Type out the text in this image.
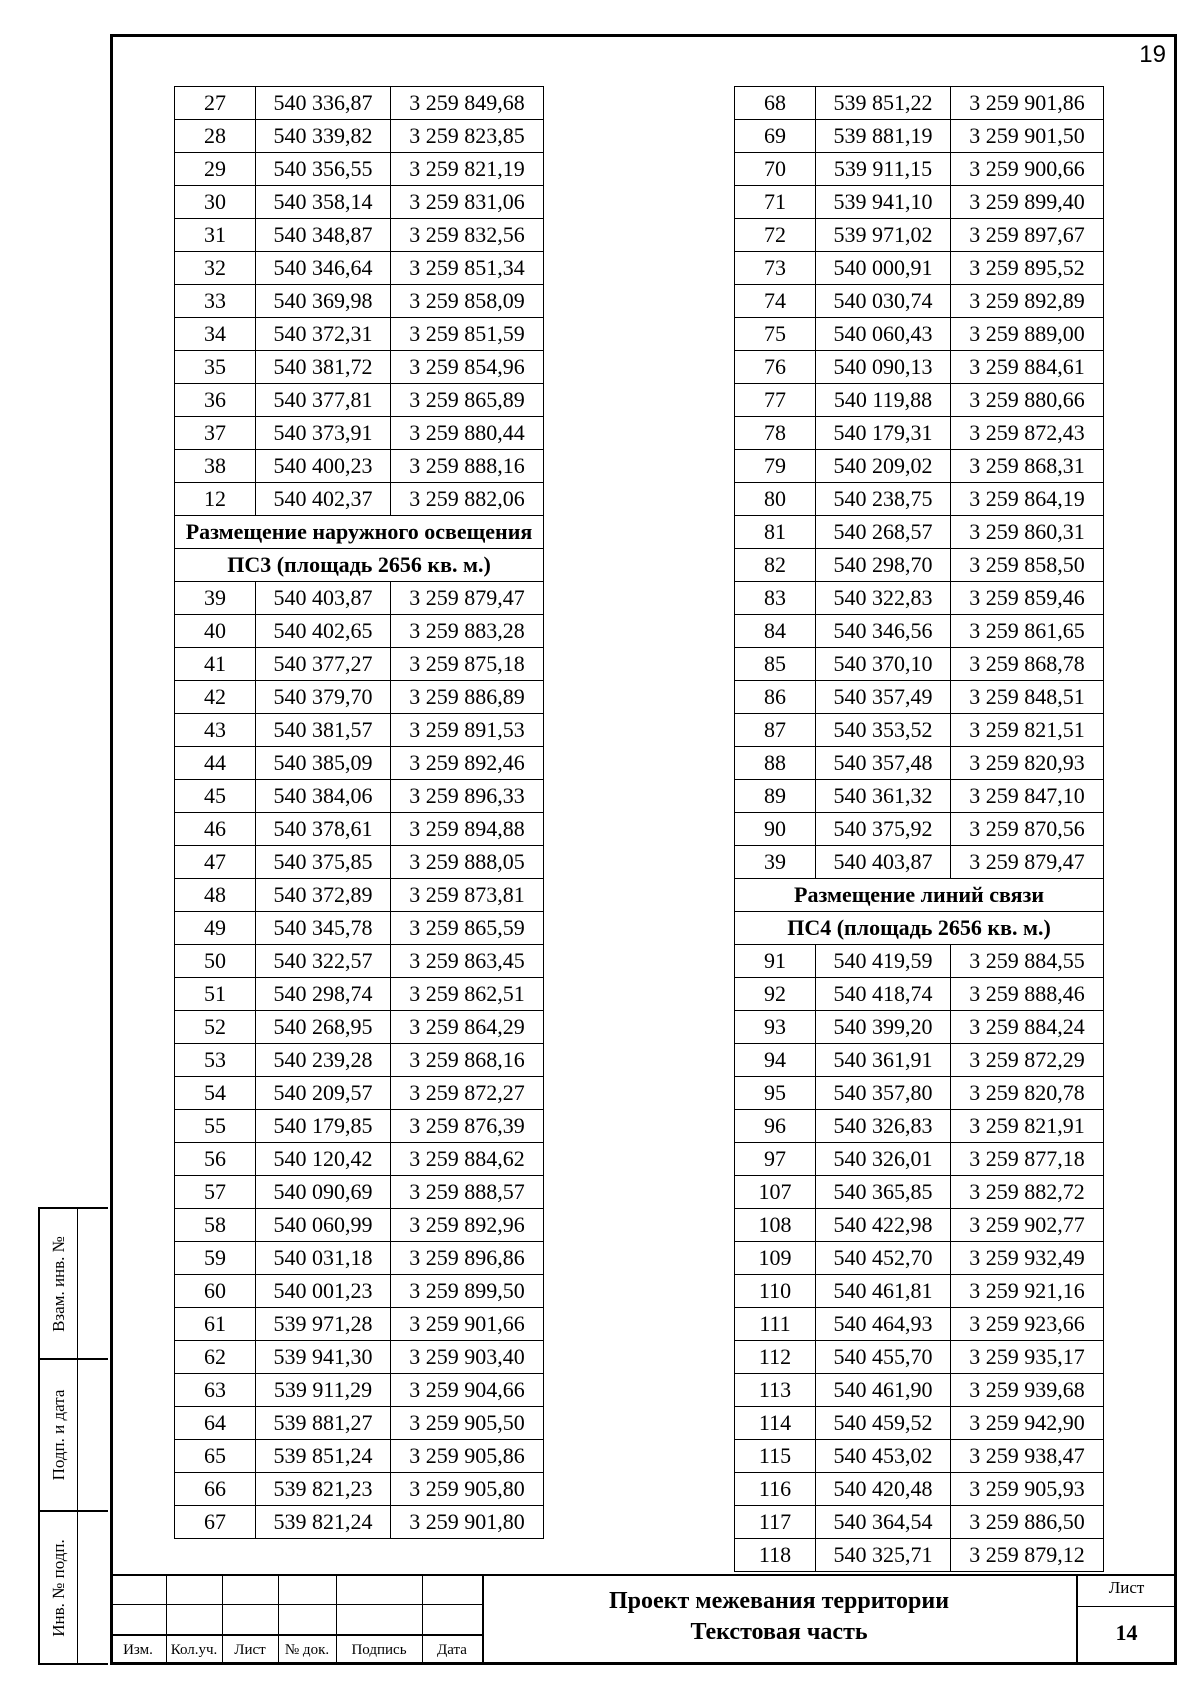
19
27	540 336,87	3 259 849,68
28	540 339,82	3 259 823,85
29	540 356,55	3 259 821,19
30	540 358,14	3 259 831,06
31	540 348,87	3 259 832,56
32	540 346,64	3 259 851,34
33	540 369,98	3 259 858,09
34	540 372,31	3 259 851,59
35	540 381,72	3 259 854,96
36	540 377,81	3 259 865,89
37	540 373,91	3 259 880,44
38	540 400,23	3 259 888,16
12	540 402,37	3 259 882,06
Размещение наружного освещения		
ПС3 (площадь 2656 кв. м.)		
39	540 403,87	3 259 879,47
40	540 402,65	3 259 883,28
41	540 377,27	3 259 875,18
42	540 379,70	3 259 886,89
43	540 381,57	3 259 891,53
44	540 385,09	3 259 892,46
45	540 384,06	3 259 896,33
46	540 378,61	3 259 894,88
47	540 375,85	3 259 888,05
48	540 372,89	3 259 873,81
49	540 345,78	3 259 865,59
50	540 322,57	3 259 863,45
51	540 298,74	3 259 862,51
52	540 268,95	3 259 864,29
53	540 239,28	3 259 868,16
54	540 209,57	3 259 872,27
55	540 179,85	3 259 876,39
56	540 120,42	3 259 884,62
57	540 090,69	3 259 888,57
58	540 060,99	3 259 892,96
59	540 031,18	3 259 896,86
60	540 001,23	3 259 899,50
61	539 971,28	3 259 901,66
62	539 941,30	3 259 903,40
63	539 911,29	3 259 904,66
64	539 881,27	3 259 905,50
65	539 851,24	3 259 905,86
66	539 821,23	3 259 905,80
67	539 821,24	3 259 901,80
68	539 851,22	3 259 901,86
69	539 881,19	3 259 901,50
70	539 911,15	3 259 900,66
71	539 941,10	3 259 899,40
72	539 971,02	3 259 897,67
73	540 000,91	3 259 895,52
74	540 030,74	3 259 892,89
75	540 060,43	3 259 889,00
76	540 090,13	3 259 884,61
77	540 119,88	3 259 880,66
78	540 179,31	3 259 872,43
79	540 209,02	3 259 868,31
80	540 238,75	3 259 864,19
81	540 268,57	3 259 860,31
82	540 298,70	3 259 858,50
83	540 322,83	3 259 859,46
84	540 346,56	3 259 861,65
85	540 370,10	3 259 868,78
86	540 357,49	3 259 848,51
87	540 353,52	3 259 821,51
88	540 357,48	3 259 820,93
89	540 361,32	3 259 847,10
90	540 375,92	3 259 870,56
39	540 403,87	3 259 879,47
Размещение линий связи		
ПС4 (площадь 2656 кв. м.)		
91	540 419,59	3 259 884,55
92	540 418,74	3 259 888,46
93	540 399,20	3 259 884,24
94	540 361,91	3 259 872,29
95	540 357,80	3 259 820,78
96	540 326,83	3 259 821,91
97	540 326,01	3 259 877,18
107	540 365,85	3 259 882,72
108	540 422,98	3 259 902,77
109	540 452,70	3 259 932,49
110	540 461,81	3 259 921,16
111	540 464,93	3 259 923,66
112	540 455,70	3 259 935,17
113	540 461,90	3 259 939,68
114	540 459,52	3 259 942,90
115	540 453,02	3 259 938,47
116	540 420,48	3 259 905,93
117	540 364,54	3 259 886,50
118	540 325,71	3 259 879,12
Взам. инв. №
Подп. и дата
Инв. № подп.
Изм.	Кол.уч.	Лист	№ док.	Подпись	Дата
Проект межевания территории
Текстовая часть
Лист
14
